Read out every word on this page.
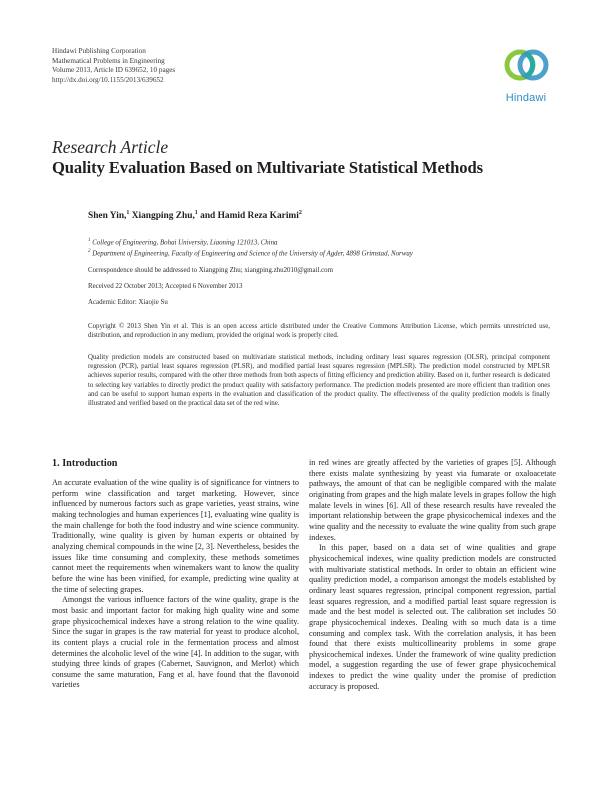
Hindawi Publishing Corporation
Mathematical Problems in Engineering
Volume 2013, Article ID 639652, 10 pages
http://dx.doi.org/10.1155/2013/639652
Hindawi
Research Article
Quality Evaluation Based on Multivariate Statistical Methods
Shen Yin,$^1$ Xiangping Zhu,$^1$ and Hamid Reza Karimi$^2$
$^1$ College of Engineering, Bohai University, Liaoning 121013, China
$^2$ Department of Engineering, Faculty of Engineering and Science of the University of Agder, 4898 Grimstad, Norway
Correspondence should be addressed to Xiangping Zhu; xiangping.zhu2010@gmail.com
Received 22 October 2013; Accepted 6 November 2013
Academic Editor: Xiaojie Su
Copyright © 2013 Shen Yin et al. This is an open access article distributed under the Creative Commons Attribution License, which permits unrestricted use, distribution, and reproduction in any medium, provided the original work is properly cited.
Quality prediction models are constructed based on multivariate statistical methods, including ordinary least squares regression (OLSR), principal component regression (PCR), partial least squares regression (PLSR), and modified partial least squares regression (MPLSR). The prediction model constructed by MPLSR achieves superior results, compared with the other three methods from both aspects of fitting efficiency and prediction ability. Based on it, further research is dedicated to selecting key variables to directly predict the product quality with satisfactory performance. The prediction models presented are more efficient than tradition ones and can be useful to support human experts in the evaluation and classification of the product quality. The effectiveness of the quality prediction models is finally illustrated and verified based on the practical data set of the red wine.
1. Introduction

An accurate evaluation of the wine quality is of significance for vintners to perform wine classification and target marketing. However, since influenced by numerous factors such as grape varieties, yeast strains, wine making technologies and human experiences [1], evaluating wine quality is the main challenge for both the food industry and wine science community. Traditionally, wine quality is given by human experts or obtained by analyzing chemical compounds in the wine [2, 3]. Nevertheless, besides the issues like time consuming and complexity, these methods sometimes cannot meet the requirements when winemakers want to know the quality before the wine has been vinified, for example, predicting wine quality at the time of selecting grapes.

Amongst the various influence factors of the wine quality, grape is the most basic and important factor for making high quality wine and some grape physicochemical indexes have a strong relation to the wine quality. Since the sugar in grapes is the raw material for yeast to produce alcohol, its content plays a crucial role in the fermentation process and almost determines the alcoholic level of the wine [4]. In addition to the sugar, with studying three kinds of grapes (Cabernet, Sauvignon, and Merlot) which consume the same maturation, Fang et al. have found that the flavonoid varieties

in red wines are greatly affected by the varieties of grapes [5]. Although there exists malate synthesizing by yeast via fumarate or oxaloacetate pathways, the amount of that can be negligible compared with the malate originating from grapes and the high malate levels in grapes follow the high malate levels in wines [6]. All of these research results have revealed the important relationship between the grape physicochemical indexes and the wine quality and the necessity to evaluate the wine quality from such grape indexes.

In this paper, based on a data set of wine qualities and grape physicochemical indexes, wine quality prediction models are constructed with multivariate statistical methods. In order to obtain an efficient wine quality prediction model, a comparison amongst the models established by ordinary least squares regression, principal component regression, partial least squares regression, and a modified partial least square regression is made and the best model is selected out. The calibration set includes 50 grape physicochemical indexes. Dealing with so much data is a time consuming and complex task. With the correlation analysis, it has been found that there exists multicollinearity problems in some grape physicochemical indexes. Under the framework of wine quality prediction model, a suggestion regarding the use of fewer grape physicochemical indexes to predict the wine quality under the promise of prediction accuracy is proposed.
